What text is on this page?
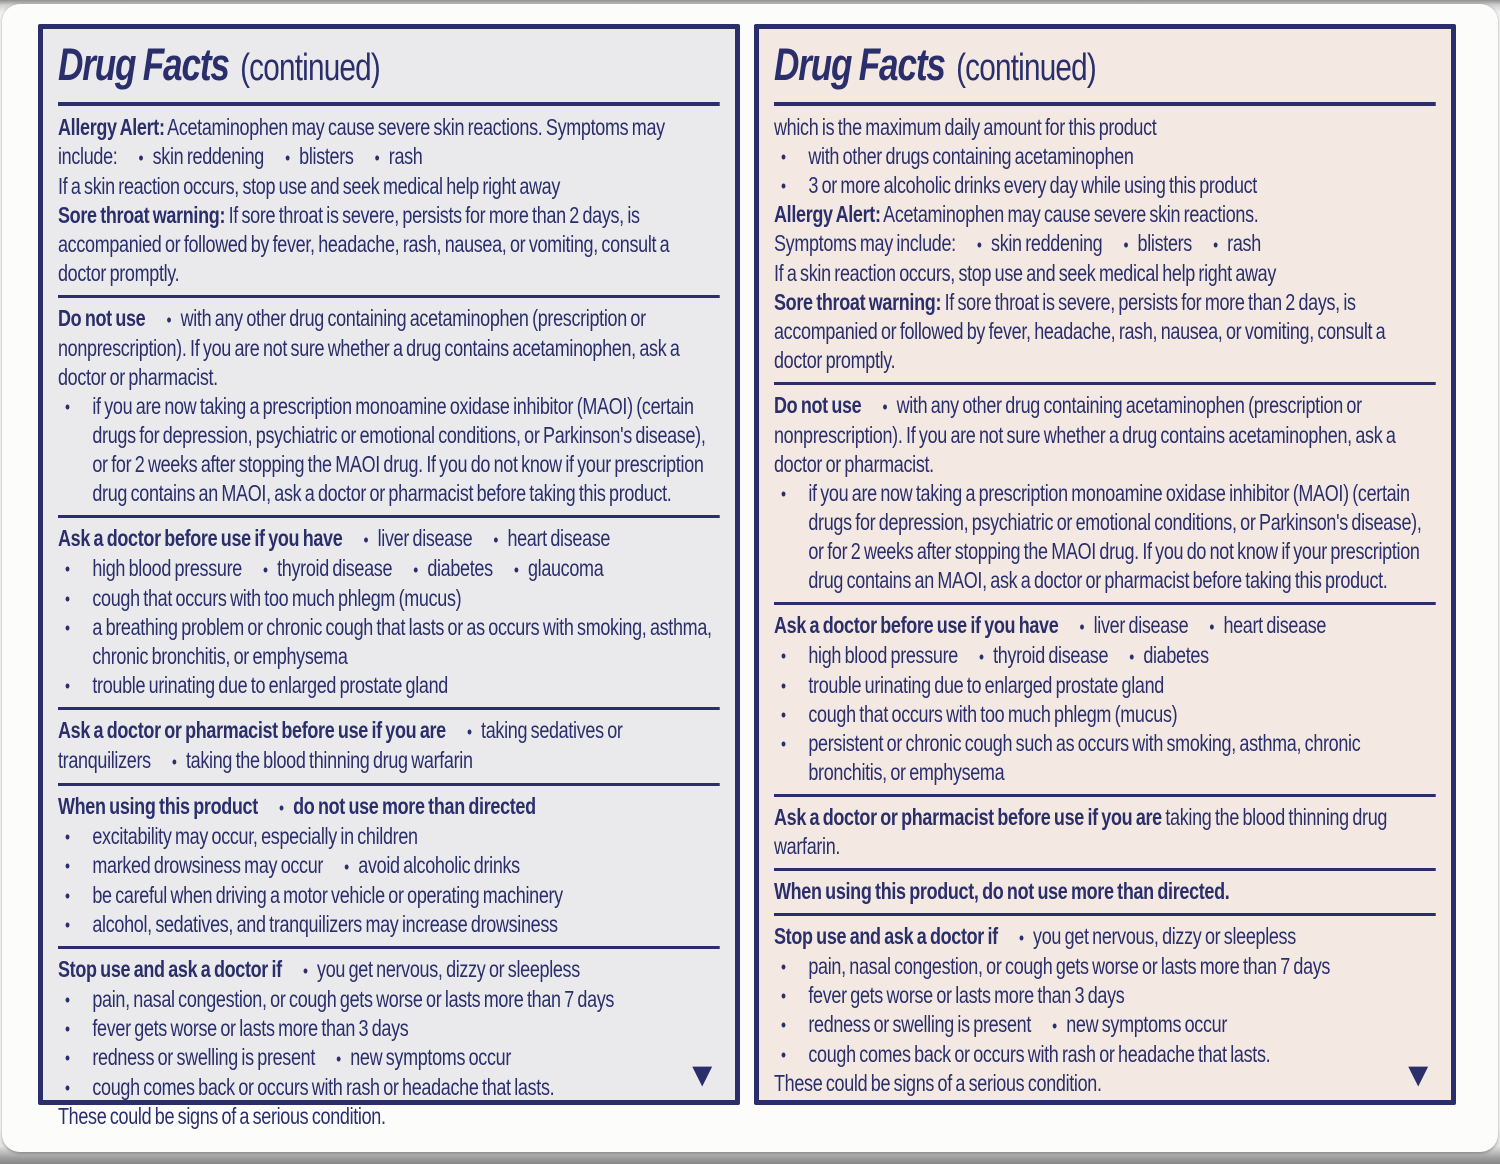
Drug Facts (continued)
Allergy Alert: Acetaminophen may cause severe skin reactions. Symptoms may include: • skin reddening • blisters • rash
If a skin reaction occurs, stop use and seek medical help right away
Sore throat warning: If sore throat is severe, persists for more than 2 days, is accompanied or followed by fever, headache, rash, nausea, or vomiting, consult a doctor promptly.
Do not use • with any other drug containing acetaminophen (prescription or nonprescription). If you are not sure whether a drug contains acetaminophen, ask a doctor or pharmacist.
• if you are now taking a prescription monoamine oxidase inhibitor (MAOI) (certain drugs for depression, psychiatric or emotional conditions, or Parkinson's disease), or for 2 weeks after stopping the MAOI drug. If you do not know if your prescription drug contains an MAOI, ask a doctor or pharmacist before taking this product.
Ask a doctor before use if you have • liver disease • heart disease
• high blood pressure • thyroid disease • diabetes • glaucoma
• cough that occurs with too much phlegm (mucus)
• a breathing problem or chronic cough that lasts or as occurs with smoking, asthma, chronic bronchitis, or emphysema
• trouble urinating due to enlarged prostate gland
Ask a doctor or pharmacist before use if you are • taking sedatives or tranquilizers • taking the blood thinning drug warfarin
When using this product • do not use more than directed
• excitability may occur, especially in children
• marked drowsiness may occur • avoid alcoholic drinks
• be careful when driving a motor vehicle or operating machinery
• alcohol, sedatives, and tranquilizers may increase drowsiness
Stop use and ask a doctor if • you get nervous, dizzy or sleepless
• pain, nasal congestion, or cough gets worse or lasts more than 7 days
• fever gets worse or lasts more than 3 days
• redness or swelling is present • new symptoms occur
• cough comes back or occurs with rash or headache that lasts.
These could be signs of a serious condition.
▼
Drug Facts (continued)
which is the maximum daily amount for this product
• with other drugs containing acetaminophen
• 3 or more alcoholic drinks every day while using this product
Allergy Alert: Acetaminophen may cause severe skin reactions.
Symptoms may include: • skin reddening • blisters • rash
If a skin reaction occurs, stop use and seek medical help right away
Sore throat warning: If sore throat is severe, persists for more than 2 days, is accompanied or followed by fever, headache, rash, nausea, or vomiting, consult a doctor promptly.
Do not use • with any other drug containing acetaminophen (prescription or nonprescription). If you are not sure whether a drug contains acetaminophen, ask a doctor or pharmacist.
• if you are now taking a prescription monoamine oxidase inhibitor (MAOI) (certain drugs for depression, psychiatric or emotional conditions, or Parkinson's disease), or for 2 weeks after stopping the MAOI drug. If you do not know if your prescription drug contains an MAOI, ask a doctor or pharmacist before taking this product.
Ask a doctor before use if you have • liver disease • heart disease
• high blood pressure • thyroid disease • diabetes
• trouble urinating due to enlarged prostate gland
• cough that occurs with too much phlegm (mucus)
• persistent or chronic cough such as occurs with smoking, asthma, chronic bronchitis, or emphysema
Ask a doctor or pharmacist before use if you are taking the blood thinning drug warfarin.
When using this product, do not use more than directed.
Stop use and ask a doctor if • you get nervous, dizzy or sleepless
• pain, nasal congestion, or cough gets worse or lasts more than 7 days
• fever gets worse or lasts more than 3 days
• redness or swelling is present • new symptoms occur
• cough comes back or occurs with rash or headache that lasts.
These could be signs of a serious condition.	▼
